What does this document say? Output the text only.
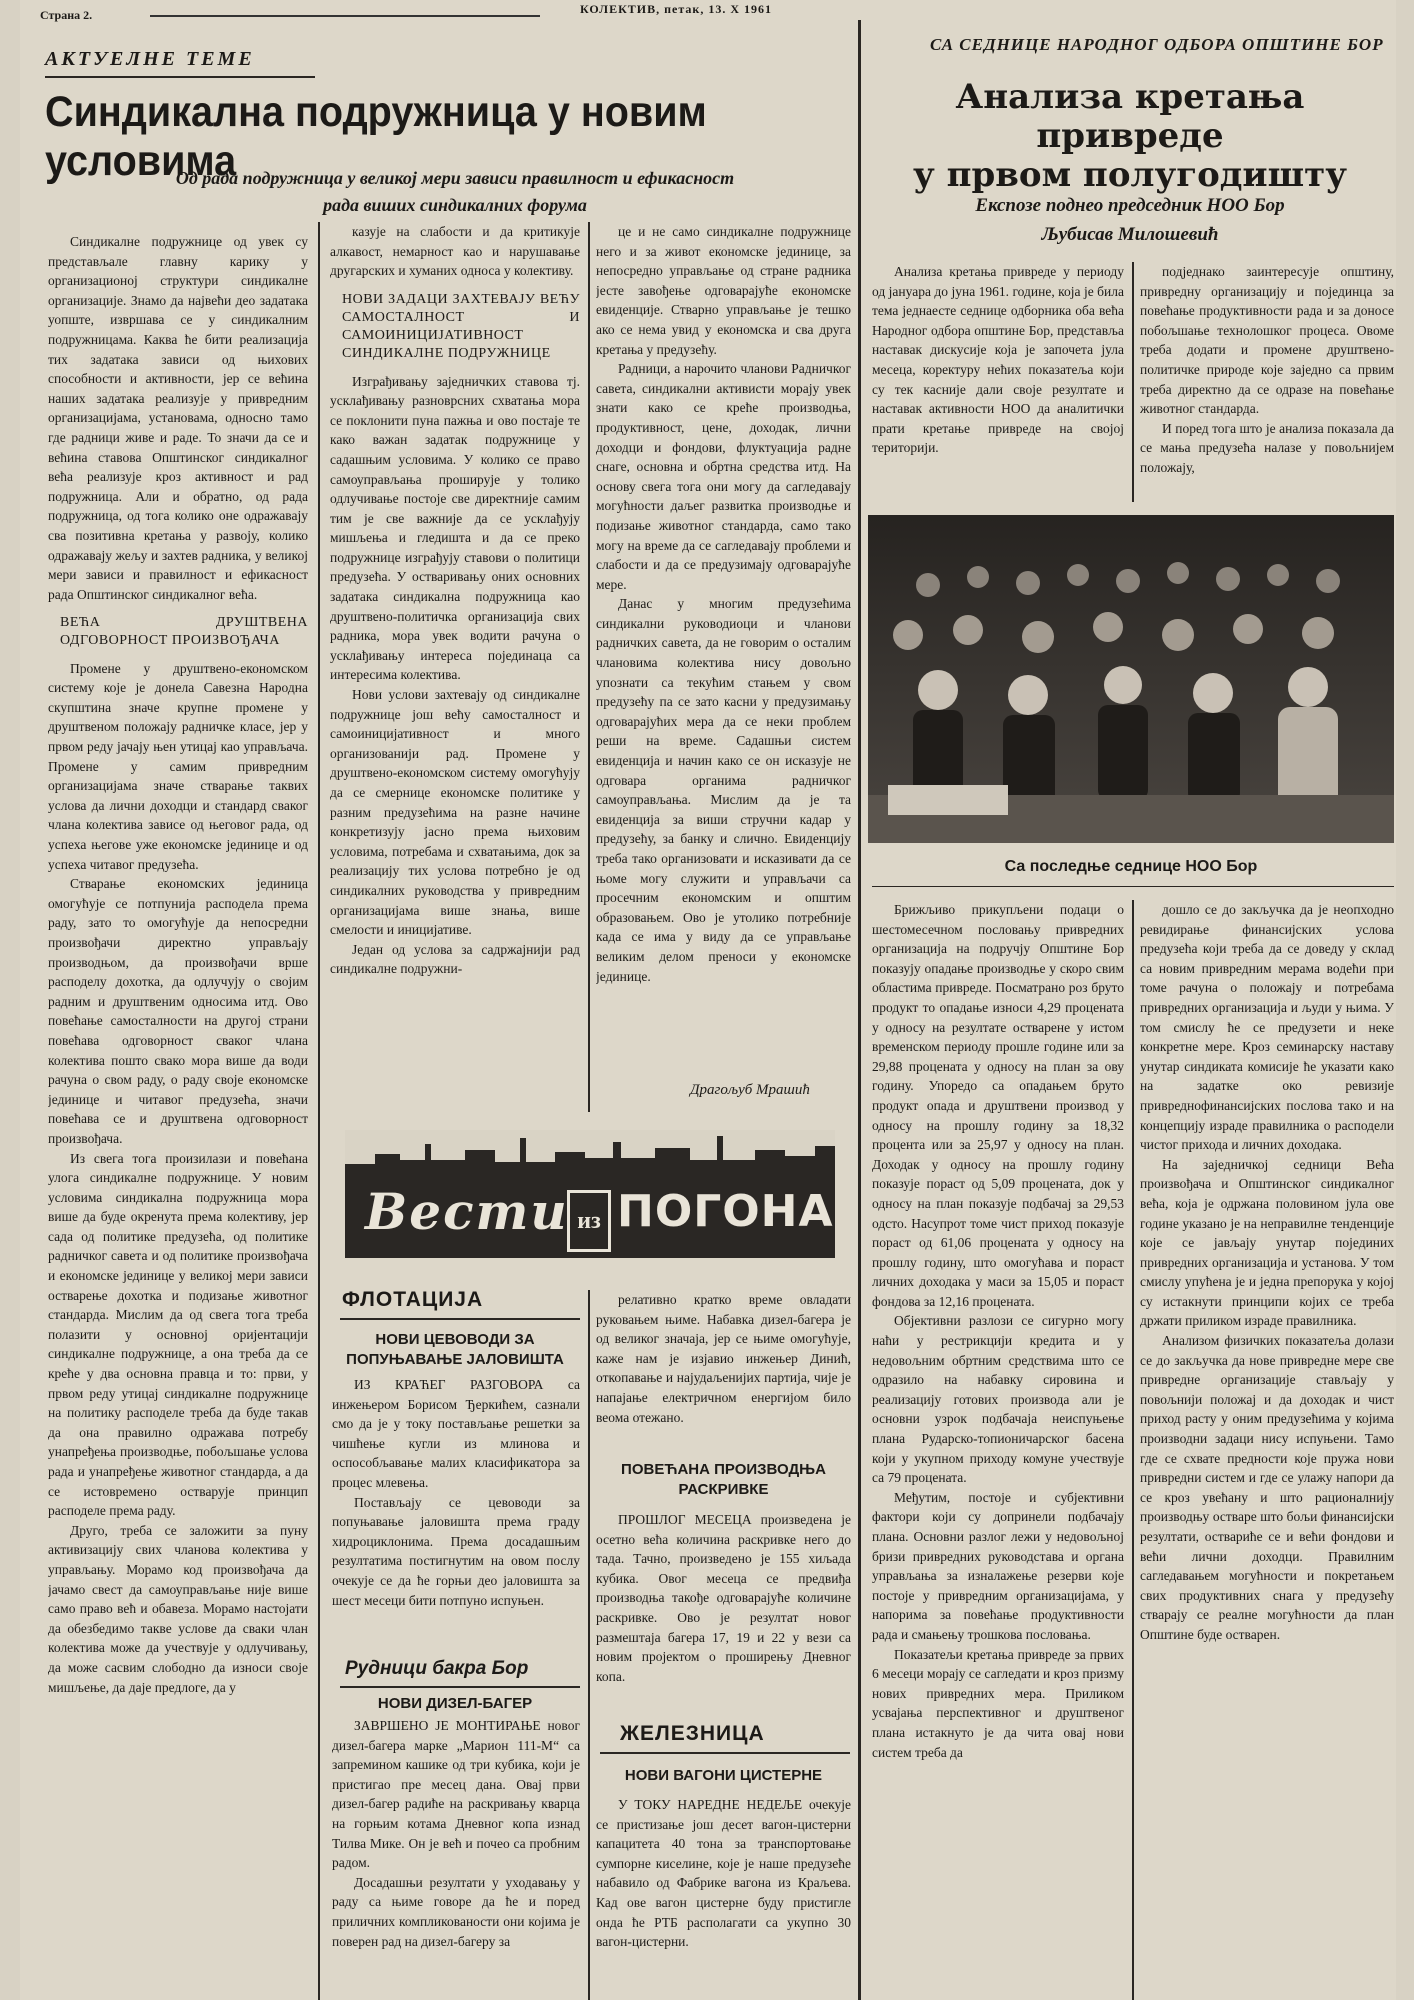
Страна 2.	КОЛЕКТИВ, петак, 13. X 1961
АКТУЕЛНЕ ТЕМЕ
Синдикална подружница у новим условима
Од рада подружница у великој мери зависи правилност и ефикасност
рада виших синдикалних форума

Синдикалне подружнице од увек су представљале главну карику у организационој структури синдикалне организације. Знамо да највећи део задатака уопште, извршава се у синдикалним подружницама. Каква ће бити реализација тих задатака зависи од њихових способности и активности, јер се већина наших задатака реализује у привредним организацијама, установама, односно тамо где радници живе и раде. То значи да се и већина ставова Општинског синдикалног већа реализује кроз активност и рад подружница. Али и обратно, од рада подружница, од тога колико оне одражавају сва позитивна кретања у развоју, колико одражавају жељу и захтев радника, у великој мери зависи и правилност и ефикасност рада Општинског синдикалног већа.

ВЕЋА ДРУШТВЕНА ОДГОВОРНОСТ ПРОИЗВОЂАЧА

Промене у друштвено-економском систему које је донела Савезна Народна скупштина значе крупне промене у друштвеном положају радничке класе, јер у првом реду јачају њен утицај као управљача. Промене у самим привредним организацијама значе стварање таквих услова да лични доходци и стандард сваког члана колектива зависе од његовог рада, од успеха његове уже економске јединице и од успеха читавог предузећа.

Стварање економских јединица омогућује се потпунија расподела према раду, зато то омогућује да непосредни произвођачи директно управљају производњом, да произвођачи врше расподелу дохотка, да одлучују о својим радним и друштвеним односима итд. Ово повећање самосталности на другој страни повећава одговорност сваког члана колектива пошто свако мора више да води рачуна о свом раду, о раду своје економске јединице и читавог предузећа, значи повећава се и друштвена одговорност произвођача.

Из свега тога произилази и повећана улога синдикалне подружнице. У новим условима синдикална подружница мора више да буде окренута према колективу, јер сада од политике предузећа, од политике радничког савета и од политике произвођача и економске јединице у великој мери зависи остварење дохотка и подизање животног стандарда. Мислим да од свега тога треба полазити у основној оријентацији синдикалне подружнице, а она треба да се креће у два основна правца и то: први, у првом реду утицај синдикалне подружнице на политику расподеле треба да буде такав да она правилно одражава потребу унапређења производње, побољшање услова рада и унапређење животног стандарда, а да се истовремено остварује принцип расподеле према раду.

Друго, треба се заложити за пуну активизацију свих чланова колектива у управљању. Морамо код произвођача да јачамо свест да самоуправљање није више само право већ и обавеза. Морамо настојати да обезбедимо такве услове да сваки члан колектива може да учествује у одлучивању, да може сасвим слободно да износи своје мишљење, да даје предлоге, да у

казује на слабости и да критикује алкавост, немарност као и нарушавање другарских и хуманих односа у колективу.

НОВИ ЗАДАЦИ ЗАХТЕВАЈУ ВЕЋУ САМОСТАЛНОСТ И САМОИНИЦИЈАТИВНОСТ СИНДИКАЛНЕ ПОДРУЖНИЦЕ

Изграђивању заједничких ставова тј. усклађивању разноврсних схватања мора се поклонити пуна пажња и ово постаје те како важан задатак подружнице у садашњим условима. У колико се право самоуправљања проширује у толико одлучивање постоје све директније самим тим је све важније да се усклађују мишљења и гледишта и да се преко подружнице изграђују ставови о политици предузећа. У остваривању оних основних задатака синдикална подружница као друштвено-политичка организација свих радника, мора увек водити рачуна о усклађивању интереса појединаца са интересима колектива.

Нови услови захтевају од синдикалне подружнице још већу самосталност и самоиницијативност и много организованији рад. Промене у друштвено-економском систему омогућују да се смернице економске политике у разним предузећима на разне начине конкретизују јасно према њиховим условима, потребама и схватањима, док за реализацију тих услова потребно је од синдикалних руководства у привредним организацијама више знања, више смелости и иницијативе.

Један од услова за садржајнији рад синдикалне подружни-

це и не само синдикалне подружнице него и за живот економске јединице, за непосредно управљање од стране радника јесте завођење одговарајуће економске евиденције. Стварно управљање је тешко ако се нема увид у економска и сва друга кретања у предузећу.

Радници, а нарочито чланови Радничког савета, синдикални активисти морају увек знати како се креће производња, продуктивност, цене, доходак, лични доходци и фондови, флуктуација радне снаге, основна и обртна средства итд. На основу свега тога они могу да сагледавају могућности даљег развитка производње и подизање животног стандарда, само тако могу на време да се сагледавају проблеми и слабости и да се предузимају одговарајуће мере.

Данас у многим предузећима синдикални руководиоци и чланови радничких савета, да не говорим о осталим члановима колектива нису довољно упознати са текућим стањем у свом предузећу па се зато касни у предузимању одговарајућих мера да се неки проблем реши на време. Садашњи систем евиденција и начин како се он исказује не одговара органима радничког самоуправљања. Мислим да је та евиденција за виши стручни кадар у предузећу, за банку и слично. Евиденцију треба тако организовати и исказивати да се њоме могу служити и управљачи са просечним економским и општим образовањем. Ово је утолико потребније када се има у виду да се управљање великим делом преноси у економске јединице.

Драгољуб Мрашић
Вести из ПОГОНА
ФЛОТАЦИЈА
НОВИ ЦЕВОВОДИ ЗА ПОПУЊАВАЊЕ ЈАЛОВИШТА

ИЗ КРАЋЕГ РАЗГОВОРА са инжењером Борисом Ђеркићем, сазнали смо да је у току постављање решетки за чишћење кугли из млинова и оспособљавање малих класификатора за процес млевења.

Постављају се цевоводи за попуњавање јаловишта према граду хидроциклонима. Према досадашњим резултатима постигнутим на овом послу очекује се да ће горњи део јаловишта за шест месеци бити потпуно испуњен.

Рудници бакра Бор
НОВИ ДИЗЕЛ-БАГЕР

ЗАВРШЕНО ЈЕ МОНТИРАЊЕ новог дизел-багера марке „Марион 111-М“ са запремином кашике од три кубика, који је пристигао пре месец дана. Овај први дизел-багер радиће на раскривању кварца на горњим котама Дневног копа изнад Тилва Мике. Он је већ и почео са пробним радом.

Досадашњи резултати у уходавању у раду са њиме говоре да ће и поред приличних компликованости они којима је поверен рад на дизел-багеру за

релативно кратко време овладати руковањем њиме. Набавка дизел-багера је од великог значаја, јер се њиме омогућује, каже нам је изјавио инжењер Динић, откопавање и најудаљенијих партија, чије је напајање електричном енергијом било веома отежано.

ПОВЕЋАНА ПРОИЗВОДЊА РАСКРИВКЕ

ПРОШЛОГ МЕСЕЦА произведена је осетно већа количина раскривке него до тада. Тачно, произведено је 155 хиљада кубика. Овог месеца се предвиђа производња такође одговарајуће количине раскривке. Ово је резултат новог размештаја багера 17, 19 и 22 у вези са новим пројектом о проширењу Дневног копа.

ЖЕЛЕЗНИЦА
НОВИ ВАГОНИ ЦИСТЕРНЕ

У ТОКУ НАРЕДНЕ НЕДЕЉЕ очекује се пристизање још десет вагон-цистерни капацитета 40 тона за транспортовање сумпорне киселине, које је наше предузеће набавило од Фабрике вагона из Краљева. Кад ове вагон цистерне буду пристигле онда ће РТБ располагати са укупно 30 вагон-цистерни.

СА СЕДНИЦЕ НАРОДНОГ ОДБОРА ОПШТИНЕ БОР
Анализа кретања привреде
у првом полугодишту
Експозе поднео председник НОО Бор
Љубисав Милошевић

Анализа кретања привреде у периоду од јануара до јуна 1961. године, која је била тема једнаесте седнице одборника оба већа Народног одбора општине Бор, представља наставак дискусије која је започета јула месеца, коректуру нећих показатеља који су тек касније дали своје резултате и наставак активности НОО да аналитички прати кретање привреде на својој територији.

подједнако заинтересује општину, привредну организацију и појединца за повећање продуктивности рада и за доносе побољшање технолошког процеса. Овоме треба додати и промене друштвено-политичке природе које заједно са првим треба директно да се одразе на повећање животног стандарда.

И поред тога што је анализа показала да се мања предузећа налазе у повољнијем положају,

Са последње седнице НОО Бор

Брижљиво прикупљени подаци о шестомесечном пословању привредних организација на подручју Општине Бор показују опадање производње у скоро свим областима привреде. Посматрано роз бруто продукт то опадање износи 4,29 процената у односу на резултате остварене у истом временском периоду прошле године или за 29,88 процената у односу на план за ову годину. Упоредо са опадањем бруто продукт опада и друштвени производ у односу на прошлу годину за 18,32 процента или за 25,97 у односу на план. Доходак у односу на прошлу годину показује пораст од 5,09 процената, док у односу на план показује подбачај за 29,53 одсто. Насупрот томе чист приход показује пораст од 61,06 процената у односу на прошлу годину, што омогућава и пораст личних доходака у маси за 15,05 и пораст фондова за 12,16 процената.

Објективни разлози се сигурно могу наћи у рестрикцији кредита и у недовољним обртним средствима што се одразило на набавку сировина и реализацију готових производа али је основни узрок подбачаја неиспуњење плана Рударско-топионичарског басена који у укупном приходу комуне учествује са 79 процената.

Међутим, постоје и субјективни фактори који су допринели подбачају плана. Основни разлог лежи у недовољној бризи привредних руководстава и органа управљања за изналажење резерви које постоје у привредним организацијама, у напорима за повећање продуктивности рада и смањењу трошкова пословања.

Показатељи кретања привреде за првих 6 месеци морају се сагледати и кроз призму нових привредних мера. Приликом усвајања перспективног и друштвеног плана истакнуто је да чита овај нови систем треба да

дошло се до закључка да је неопходно ревидирање финансијских услова предузећа који треба да се доведу у склад са новим привредним мерама водећи при томе рачуна о положају и потребама привредних организација и људи у њима. У том смислу ће се предузети и неке конкретне мере. Кроз семинарску наставу унутар синдиката комисије ће указати како на задатке око ревизије привреднофинансијских послова тако и на концепцију израде правилника о расподели чистог прихода и личних доходака.

На заједничкој седници Већа произвођача и Општинског синдикалног већа, која је одржана половином јула ове године указано је на неправилне тенденције које се јављају унутар појединих привредних организација и установа. У том смислу упућена је и једна препорука у којој су истакнути принципи којих се треба држати приликом израде правилника.

Анализом физичких показатеља долази се до закључка да нове привредне мере све привредне организације стављају у повољнији положај и да доходак и чист приход расту у оним предузећима у којима производни задаци нису испуњени. Тамо где се схвате предности које пружа нови привредни систем и где се улажу напори да се кроз увећану и што рационалнију производњу остваре што бољи финансијски резултати, оствариће се и већи фондови и већи лични доходци. Правилним сагледавањем могућности и покретањем свих продуктивних снага у предузећу стварају се реалне могућности да план Општине буде остварен.
